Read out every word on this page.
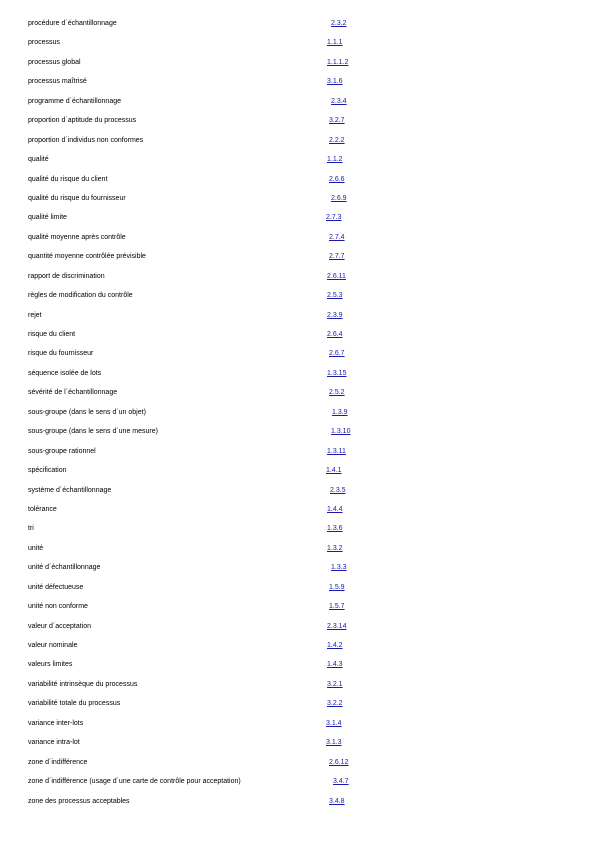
procédure d´échantillonnage	2.3.2
processus	1.1.1
processus global	1.1.1.2
processus maîtrisé	3.1.6
programme d´échantillonnage	2.3.4
proportion d´aptitude du processus	3.2.7
proportion d´individus non conformes	2.2.2
qualité	1.1.2
qualité du risque du client	2.6.6
qualité du risque du fournisseur	2.6.9
qualité limite	2.7.3
qualité moyenne après contrôle	2.7.4
quantité moyenne contrôlée prévisible	2.7.7
rapport de discrimination	2.6.11
règles de modification du contrôle	2.5.3
rejet	2.3.9
risque du client	2.6.4
risque du fournisseur	2.6.7
séquence isolée de lots	1.3.15
sévérité de l´échantillonnage	2.5.2
sous-groupe (dans le sens d´un objet)	1.3.9
sous-groupe (dans le sens d´une mesure)	1.3.10
sous-groupe rationnel	1.3.11
spécification	1.4.1
système d´échantillonnage	2.3.5
tolérance	1.4.4
tri	1.3.6
unité	1.3.2
unité d´échantillonnage	1.3.3
unité défectueuse	1.5.9
unité non conforme	1.5.7
valeur d´acceptation	2.3.14
valeur nominale	1.4.2
valeurs limites	1.4.3
variabilité intrinsèque du processus	3.2.1
variabilité totale du processus	3.2.2
variance inter-lots	3.1.4
variance intra-lot	3.1.3
zone d´indifférence	2.6.12
zone d´indifférence (usage d´une carte de contrôle pour acceptation)	3.4.7
zone des processus acceptables	3.4.8
